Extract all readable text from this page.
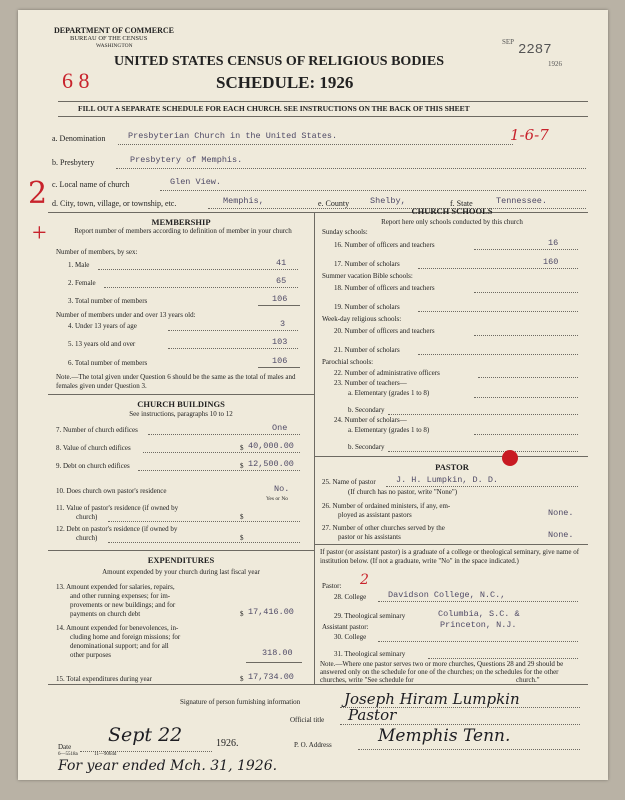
DEPARTMENT OF COMMERCE
BUREAU OF THE CENSUS
WASHINGTON
UNITED STATES CENSUS OF RELIGIOUS BODIES
SCHEDULE: 1926
6 8
SEP 2287
1926
FILL OUT A SEPARATE SCHEDULE FOR EACH CHURCH. SEE INSTRUCTIONS ON THE BACK OF THIS SHEET
a. Denomination	Presbyterian Church in the United States.	1-6-7
b. Presbytery	Presbytery of Memphis.
c. Local name of church	Glen View.
d. City, town, village, or township, etc.	Memphis,	e. County Shelby,	f. State	Tennessee.
2
+	MEMBERSHIP
Report number of members according to definition of member in your church
Number of members, by sex:
1. Male	41
2. Female	65
3. Total number of members	106
Number of members under and over 13 years old:
4. Under 13 years of age	3
5. 13 years old and over	103
6. Total number of members	106
Note.—The total given under Question 6 should be the same as the total of males and females given under Question 3.
CHURCH BUILDINGS
See instructions, paragraphs 10 to 12
7. Number of church edifices	One
8. Value of church edifices	$ 40,000.00
9. Debt on church edifices	$ 12,500.00
10. Does church own pastor's residence	No.
Yes or No
11. Value of pastor's residence (if owned by
church)	$
12. Debt on pastor's residence (if owned by
church)	$
EXPENDITURES
Amount expended by your church during last fiscal year
13. Amount expended for salaries, repairs,
and other running expenses; for im-
provements or new buildings; and for
payments on church debt	$ 17,416.00
14. Amount expended for benevolences, in-
cluding home and foreign missions; for
denominational support; and for all
other purposes	318.00
15. Total expenditures during year	$ 17,734.00
CHURCH SCHOOLS
Report here only schools conducted by this church
Sunday schools:
16. Number of officers and teachers	16
17. Number of scholars	160
Summer vacation Bible schools:
18. Number of officers and teachers
19. Number of scholars
Week-day religious schools:
20. Number of officers and teachers
21. Number of scholars
Parochial schools:
22. Number of administrative officers
23. Number of teachers—
a. Elementary (grades 1 to 8)
b. Secondary
24. Number of scholars—
a. Elementary (grades 1 to 8)
b. Secondary
PASTOR
25. Name of pastor J. H. Lumpkin, D. D.
(If church has no pastor, write "None")
26. Number of ordained ministers, if any, em-
ployed as assistant pastors	None.
27. Number of other churches served by the
pastor or his assistants	None.
If pastor (or assistant pastor) is a graduate of a college or theological seminary, give name of institution below. (If not a graduate, write "No" in the space indicated.)
Pastor: 2
28. College	Davidson College, N.C.,
29. Theological seminary	Columbia, S.C. &
Princeton, N.J.
Assistant pastor:
30. College
31. Theological seminary
Note.—Where one pastor serves two or more churches, Questions 28 and 29 should be answered only on the schedule for one of the churches; on the schedules for the other churches, write "See schedule for	church."
Signature of person furnishing information	Joseph Hiram Lumpkin
Official title Pastor
Date
Sept 22	1926.	P. O. Address	Memphis Tenn.
6—5518a	11—9064d
For year ended Mch. 31, 1926.
